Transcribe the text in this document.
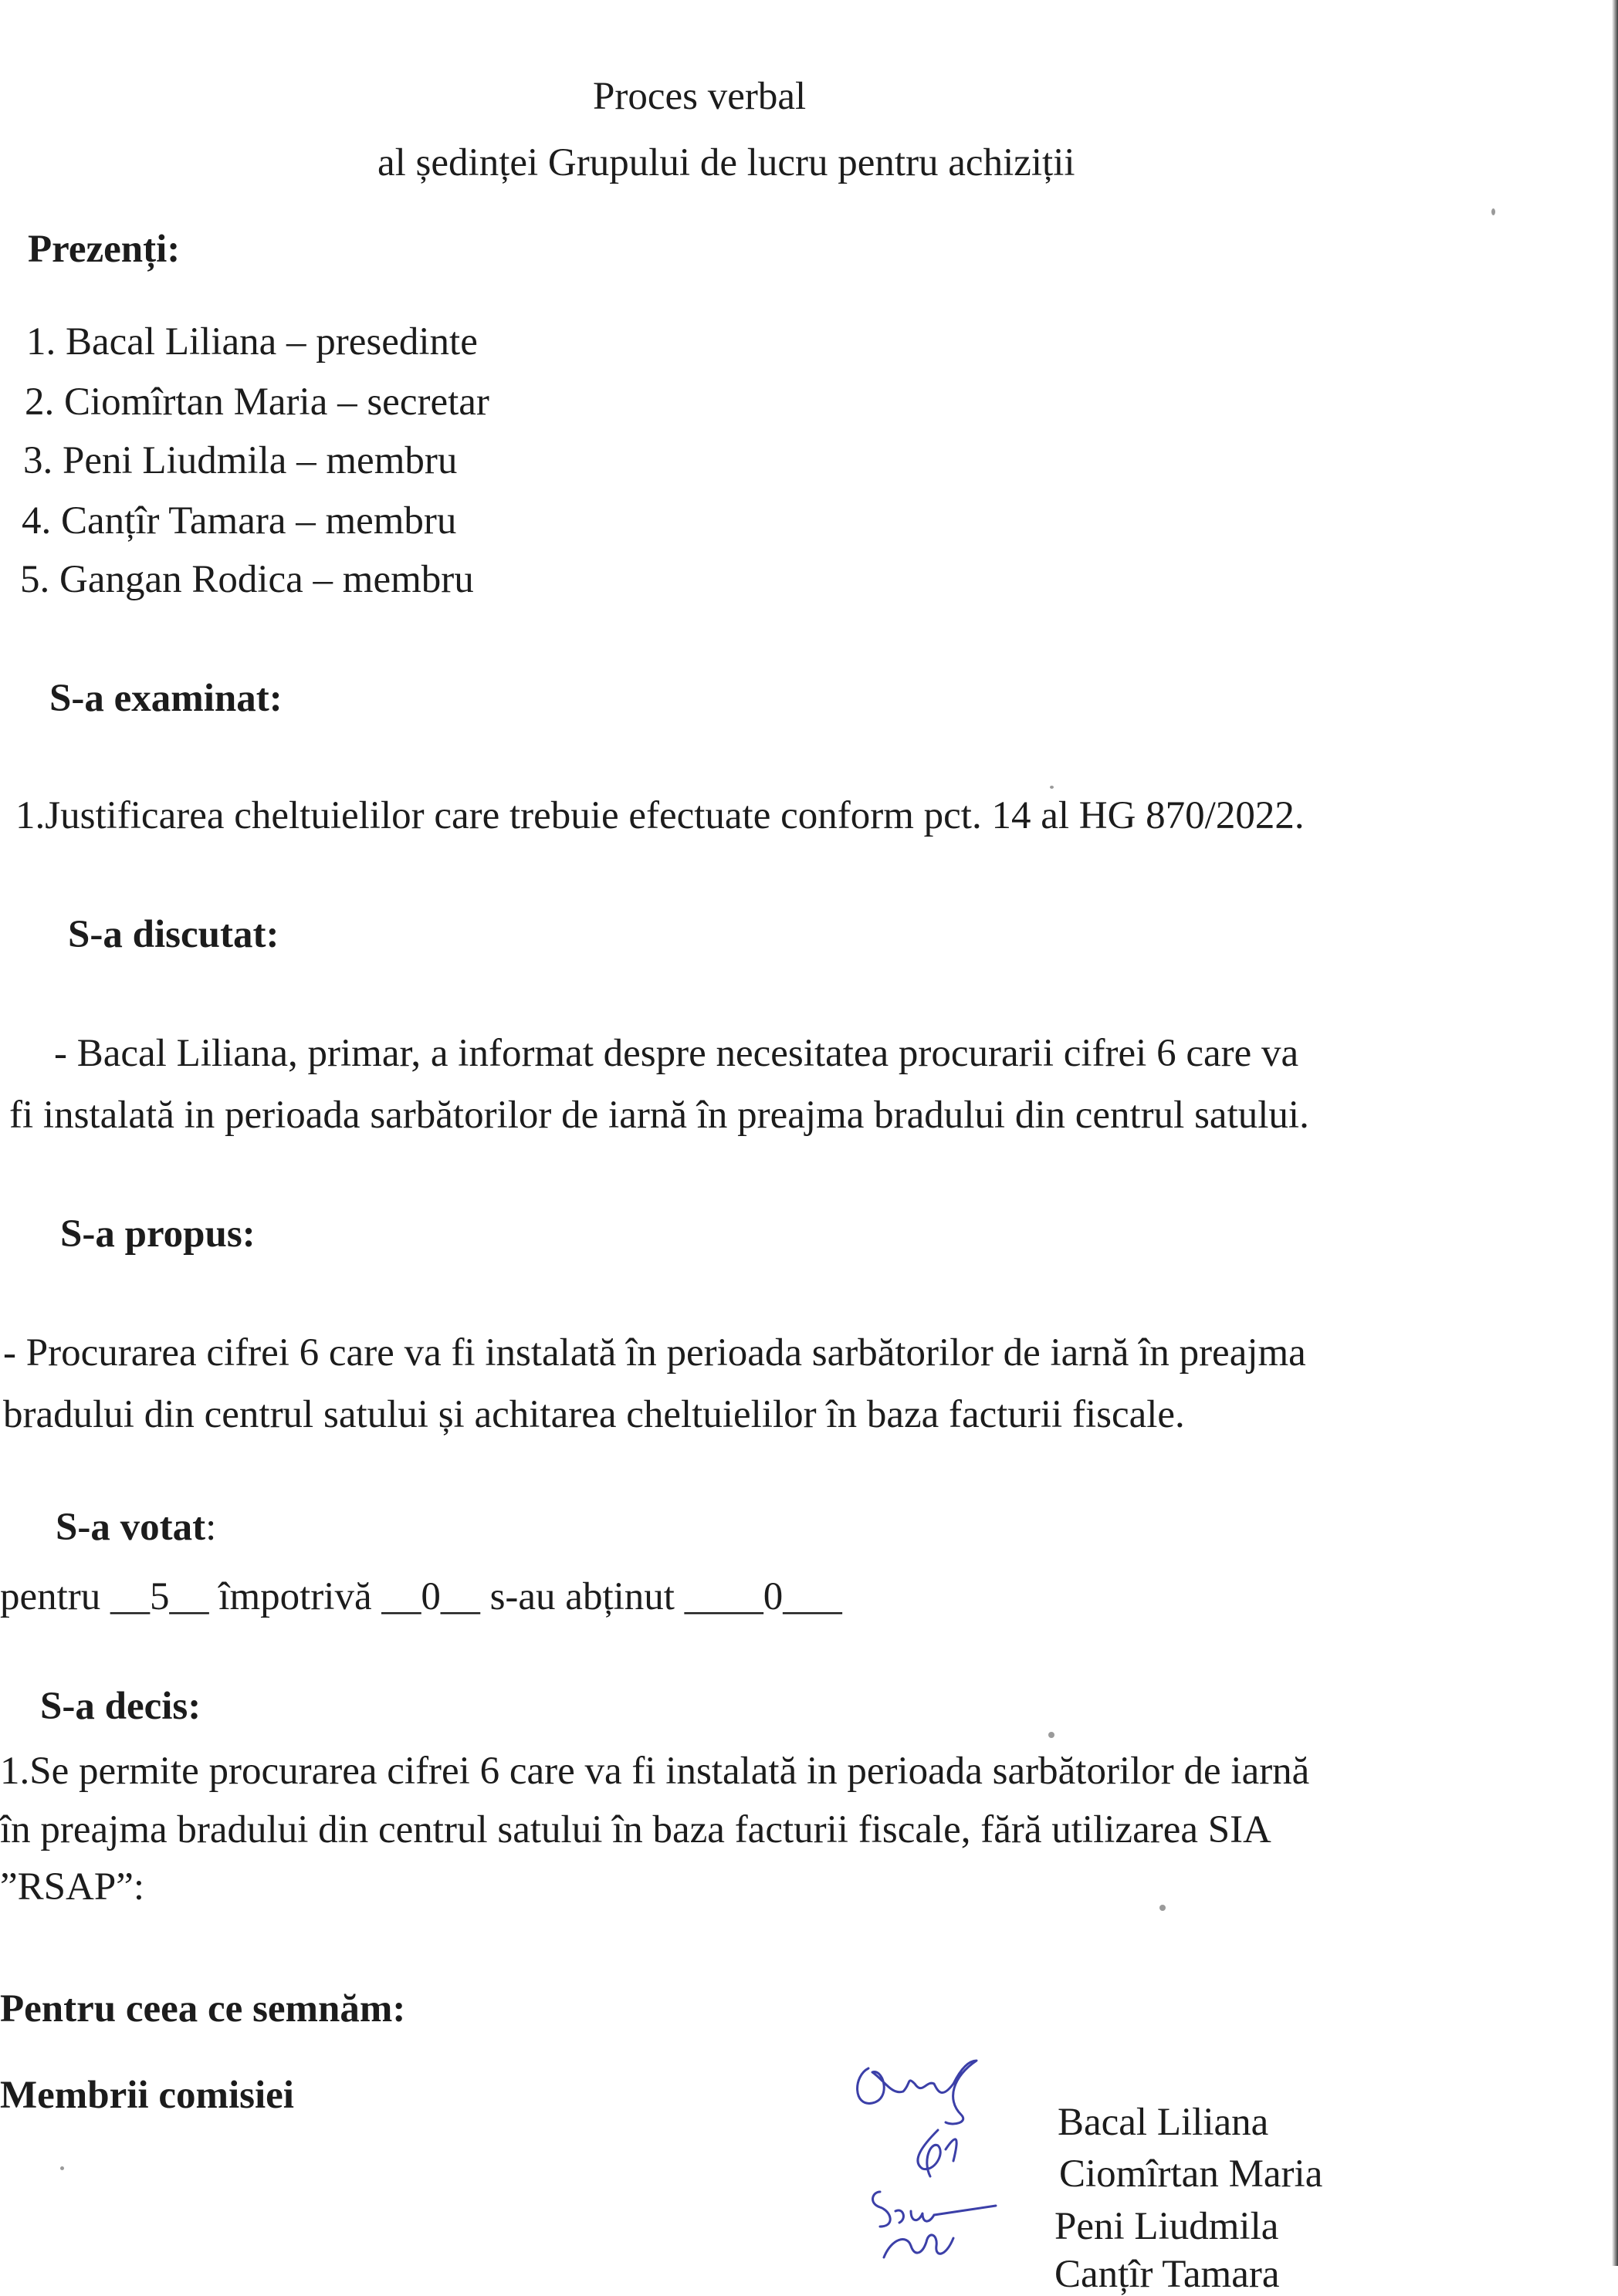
Proces verbal
al ședinței Grupului de lucru pentru achiziții
Prezenți:
1. Bacal Liliana – presedinte
2. Ciomîrtan Maria – secretar
3. Peni Liudmila – membru
4. Canțîr Tamara – membru
5. Gangan Rodica – membru
S-a examinat:
1.Justificarea cheltuielilor care trebuie efectuate conform pct. 14 al HG 870/2022.
S-a discutat:
- Bacal Liliana, primar, a informat despre necesitatea procurarii cifrei 6 care va
fi instalată in perioada sarbătorilor de iarnă în preajma bradului din centrul satului.
S-a propus:
- Procurarea cifrei 6 care va fi instalată în perioada sarbătorilor de iarnă în preajma
bradului din centrul satului și achitarea cheltuielilor în baza facturii fiscale.
S-a votat:
pentru __5__ împotrivă __0__ s-au abținut ____0___
S-a decis:
1.Se permite procurarea cifrei 6 care va fi instalată in perioada sarbătorilor de iarnă
în preajma bradului din centrul satului în baza facturii fiscale, fără utilizarea SIA
”RSAP”:
Pentru ceea ce semnăm:
Membrii comisiei
Bacal Liliana
Ciomîrtan Maria
Peni Liudmila
Canțîr Tamara
